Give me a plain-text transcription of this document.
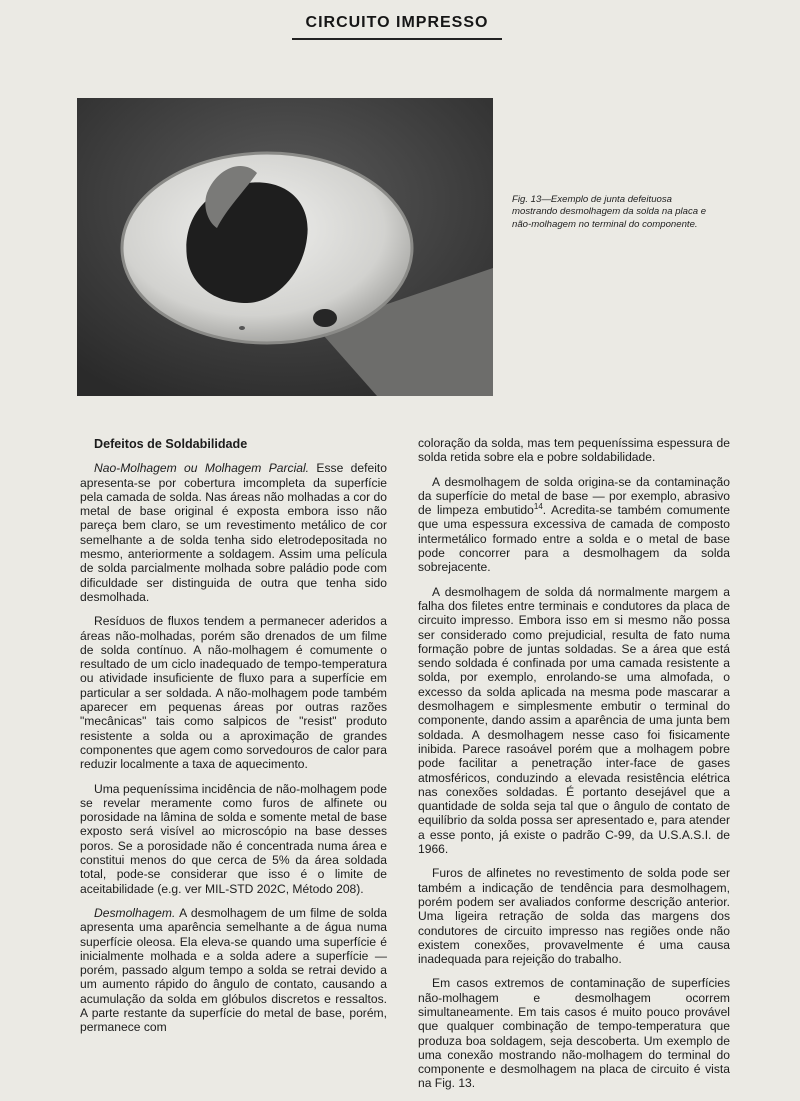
CIRCUITO IMPRESSO
Fig. 13—Exemplo de junta defeituosa mostrando desmolhagem da solda na placa e não-molhagem no terminal do componente.

Defeitos de Soldabilidade

Nao-Molhagem ou Molhagem Parcial. Esse defeito apresenta-se por cobertura imcompleta da superfície pela camada de solda. Nas áreas não molhadas a cor do metal de base original é exposta embora isso não pareça bem claro, se um revestimento metálico de cor semelhante a de solda tenha sido eletrodepositada no mesmo, anteriormente a soldagem. Assim uma película de solda parcialmente molhada sobre paládio pode com dificuldade ser distinguida de outra que tenha sido desmolhada.

Resíduos de fluxos tendem a permanecer aderidos a áreas não-molhadas, porém são drenados de um filme de solda contínuo. A não-molhagem é comumente o resultado de um ciclo inadequado de tempo-temperatura ou atividade insuficiente de fluxo para a superfície em particular a ser soldada. A não-molhagem pode também aparecer em pequenas áreas por outras razões "mecânicas" tais como salpicos de "resist" produto resistente a solda ou a aproximação de grandes componentes que agem como sorvedouros de calor para reduzir localmente a taxa de aquecimento.

Uma pequeníssima incidência de não-molhagem pode se revelar meramente como furos de alfinete ou porosidade na lâmina de solda e somente metal de base exposto será visível ao microscópio na base desses poros. Se a porosidade não é concentrada numa área e constitui menos do que cerca de 5% da área soldada total, pode-se considerar que isso é o limite de aceitabilidade (e.g. ver MIL-STD 202C, Método 208).

Desmolhagem. A desmolhagem de um filme de solda apresenta uma aparência semelhante a de água numa superfície oleosa. Ela eleva-se quando uma superfície é inicialmente molhada e a solda adere a superfície — porém, passado algum tempo a solda se retrai devido a um aumento rápido do ângulo de contato, causando a acumulação da solda em glóbulos discretos e ressaltos. A parte restante da superfície do metal de base, porém, permanece com

coloração da solda, mas tem pequeníssima espessura de solda retida sobre ela e pobre soldabilidade.

A desmolhagem de solda origina-se da contaminação da superfície do metal de base — por exemplo, abrasivo de limpeza embutido$^{14}$. Acredita-se também comumente que uma espessura excessiva de camada de composto intermetálico formado entre a solda e o metal de base pode concorrer para a desmolhagem da solda sobrejacente.

A desmolhagem de solda dá normalmente margem a falha dos filetes entre terminais e condutores da placa de circuito impresso. Embora isso em si mesmo não possa ser considerado como prejudicial, resulta de fato numa formação pobre de juntas soldadas. Se a área que está sendo soldada é confinada por uma camada resistente a solda, por exemplo, enrolando-se uma almofada, o excesso da solda aplicada na mesma pode mascarar a desmolhagem e simplesmente embutir o terminal do componente, dando assim a aparência de uma junta bem soldada. A desmolhagem nesse caso foi fisicamente inibida. Parece rasoável porém que a molhagem pobre pode facilitar a penetração inter-face de gases atmosféricos, conduzindo a elevada resistência elétrica nas conexões soldadas. É portanto desejável que a quantidade de solda seja tal que o ângulo de contato de equilíbrio da solda possa ser apresentado e, para atender a esse ponto, já existe o padrão C-99, da U.S.A.S.I. de 1966.

Furos de alfinetes no revestimento de solda pode ser também a indicação de tendência para desmolhagem, porém podem ser avaliados conforme descrição anterior. Uma ligeira retração de solda das margens dos condutores de circuito impresso nas regiões onde não existem conexões, provavelmente é uma causa inadequada para rejeição do trabalho.

Em casos extremos de contaminação de superfícies não-molhagem e desmolhagem ocorrem simultaneamente. Em tais casos é muito pouco provável que qualquer combinação de tempo-temperatura que produza boa soldagem, seja descoberta. Um exemplo de uma conexão mostrando não-molhagem do terminal do componente e desmolhagem na placa de circuito é vista na Fig. 13.
